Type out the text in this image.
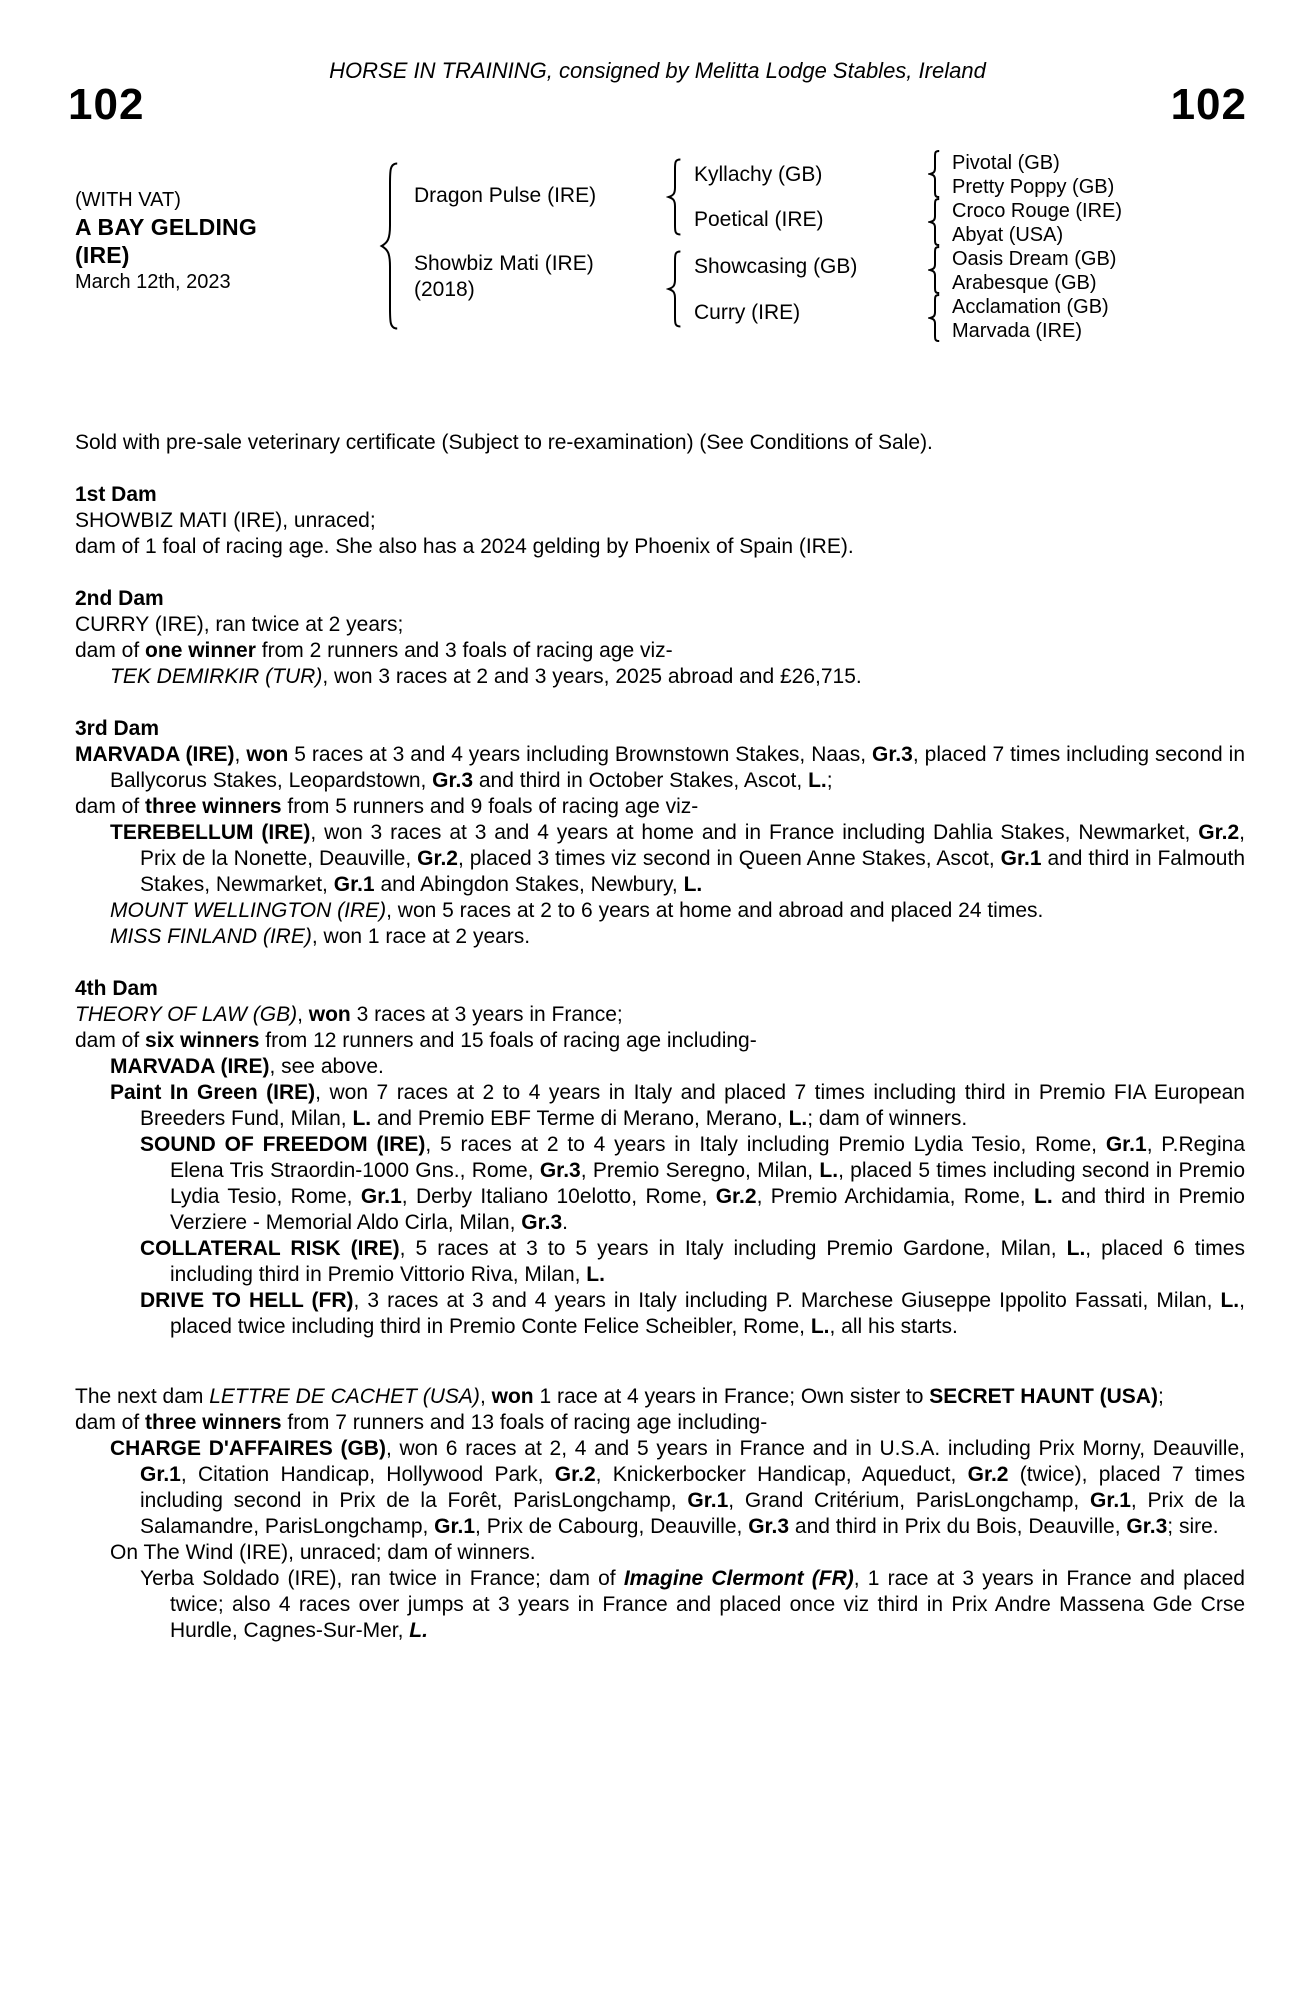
HORSE IN TRAINING, consigned by Melitta Lodge Stables, Ireland
102	102
(WITH VAT)
A BAY GELDING
(IRE)
March 12th, 2023
Dragon Pulse (IRE)
Showbiz Mati (IRE)
(2018)
Kyllachy (GB)
Poetical (IRE)
Showcasing (GB)
Curry (IRE)
Pivotal (GB)
Pretty Poppy (GB)
Croco Rouge (IRE)
Abyat (USA)
Oasis Dream (GB)
Arabesque (GB)
Acclamation (GB)
Marvada (IRE)

Sold with pre-sale veterinary certificate (Subject to re-examination) (See Conditions of Sale).

1st Dam

SHOWBIZ MATI (IRE), unraced;

dam of 1 foal of racing age. She also has a 2024 gelding by Phoenix of Spain (IRE).

2nd Dam

CURRY (IRE), ran twice at 2 years;

dam of one winner from 2 runners and 3 foals of racing age viz-

TEK DEMIRKIR (TUR), won 3 races at 2 and 3 years, 2025 abroad and £26,715.

3rd Dam

MARVADA (IRE), won 5 races at 3 and 4 years including Brownstown Stakes, Naas, Gr.3, placed 7 times including second in Ballycorus Stakes, Leopardstown, Gr.3 and third in October Stakes, Ascot, L.;

dam of three winners from 5 runners and 9 foals of racing age viz-

TEREBELLUM (IRE), won 3 races at 3 and 4 years at home and in France including Dahlia Stakes, Newmarket, Gr.2, Prix de la Nonette, Deauville, Gr.2, placed 3 times viz second in Queen Anne Stakes, Ascot, Gr.1 and third in Falmouth Stakes, Newmarket, Gr.1 and Abingdon Stakes, Newbury, L.

MOUNT WELLINGTON (IRE), won 5 races at 2 to 6 years at home and abroad and placed 24 times.

MISS FINLAND (IRE), won 1 race at 2 years.

4th Dam

THEORY OF LAW (GB), won 3 races at 3 years in France;

dam of six winners from 12 runners and 15 foals of racing age including-

MARVADA (IRE), see above.

Paint In Green (IRE), won 7 races at 2 to 4 years in Italy and placed 7 times including third in Premio FIA European Breeders Fund, Milan, L. and Premio EBF Terme di Merano, Merano, L.; dam of winners.

SOUND OF FREEDOM (IRE), 5 races at 2 to 4 years in Italy including Premio Lydia Tesio, Rome, Gr.1, P.Regina Elena Tris Straordin-1000 Gns., Rome, Gr.3, Premio Seregno, Milan, L., placed 5 times including second in Premio Lydia Tesio, Rome, Gr.1, Derby Italiano 10elotto, Rome, Gr.2, Premio Archidamia, Rome, L. and third in Premio Verziere - Memorial Aldo Cirla, Milan, Gr.3.

COLLATERAL RISK (IRE), 5 races at 3 to 5 years in Italy including Premio Gardone, Milan, L., placed 6 times including third in Premio Vittorio Riva, Milan, L.

DRIVE TO HELL (FR), 3 races at 3 and 4 years in Italy including P. Marchese Giuseppe Ippolito Fassati, Milan, L., placed twice including third in Premio Conte Felice Scheibler, Rome, L., all his starts.

The next dam LETTRE DE CACHET (USA), won 1 race at 4 years in France; Own sister to SECRET HAUNT (USA);

dam of three winners from 7 runners and 13 foals of racing age including-

CHARGE D'AFFAIRES (GB), won 6 races at 2, 4 and 5 years in France and in U.S.A. including Prix Morny, Deauville, Gr.1, Citation Handicap, Hollywood Park, Gr.2, Knickerbocker Handicap, Aqueduct, Gr.2 (twice), placed 7 times including second in Prix de la Forêt, ParisLongchamp, Gr.1, Grand Critérium, ParisLongchamp, Gr.1, Prix de la Salamandre, ParisLongchamp, Gr.1, Prix de Cabourg, Deauville, Gr.3 and third in Prix du Bois, Deauville, Gr.3; sire.

On The Wind (IRE), unraced; dam of winners.

Yerba Soldado (IRE), ran twice in France; dam of Imagine Clermont (FR), 1 race at 3 years in France and placed twice; also 4 races over jumps at 3 years in France and placed once viz third in Prix Andre Massena Gde Crse Hurdle, Cagnes-Sur-Mer, L.
